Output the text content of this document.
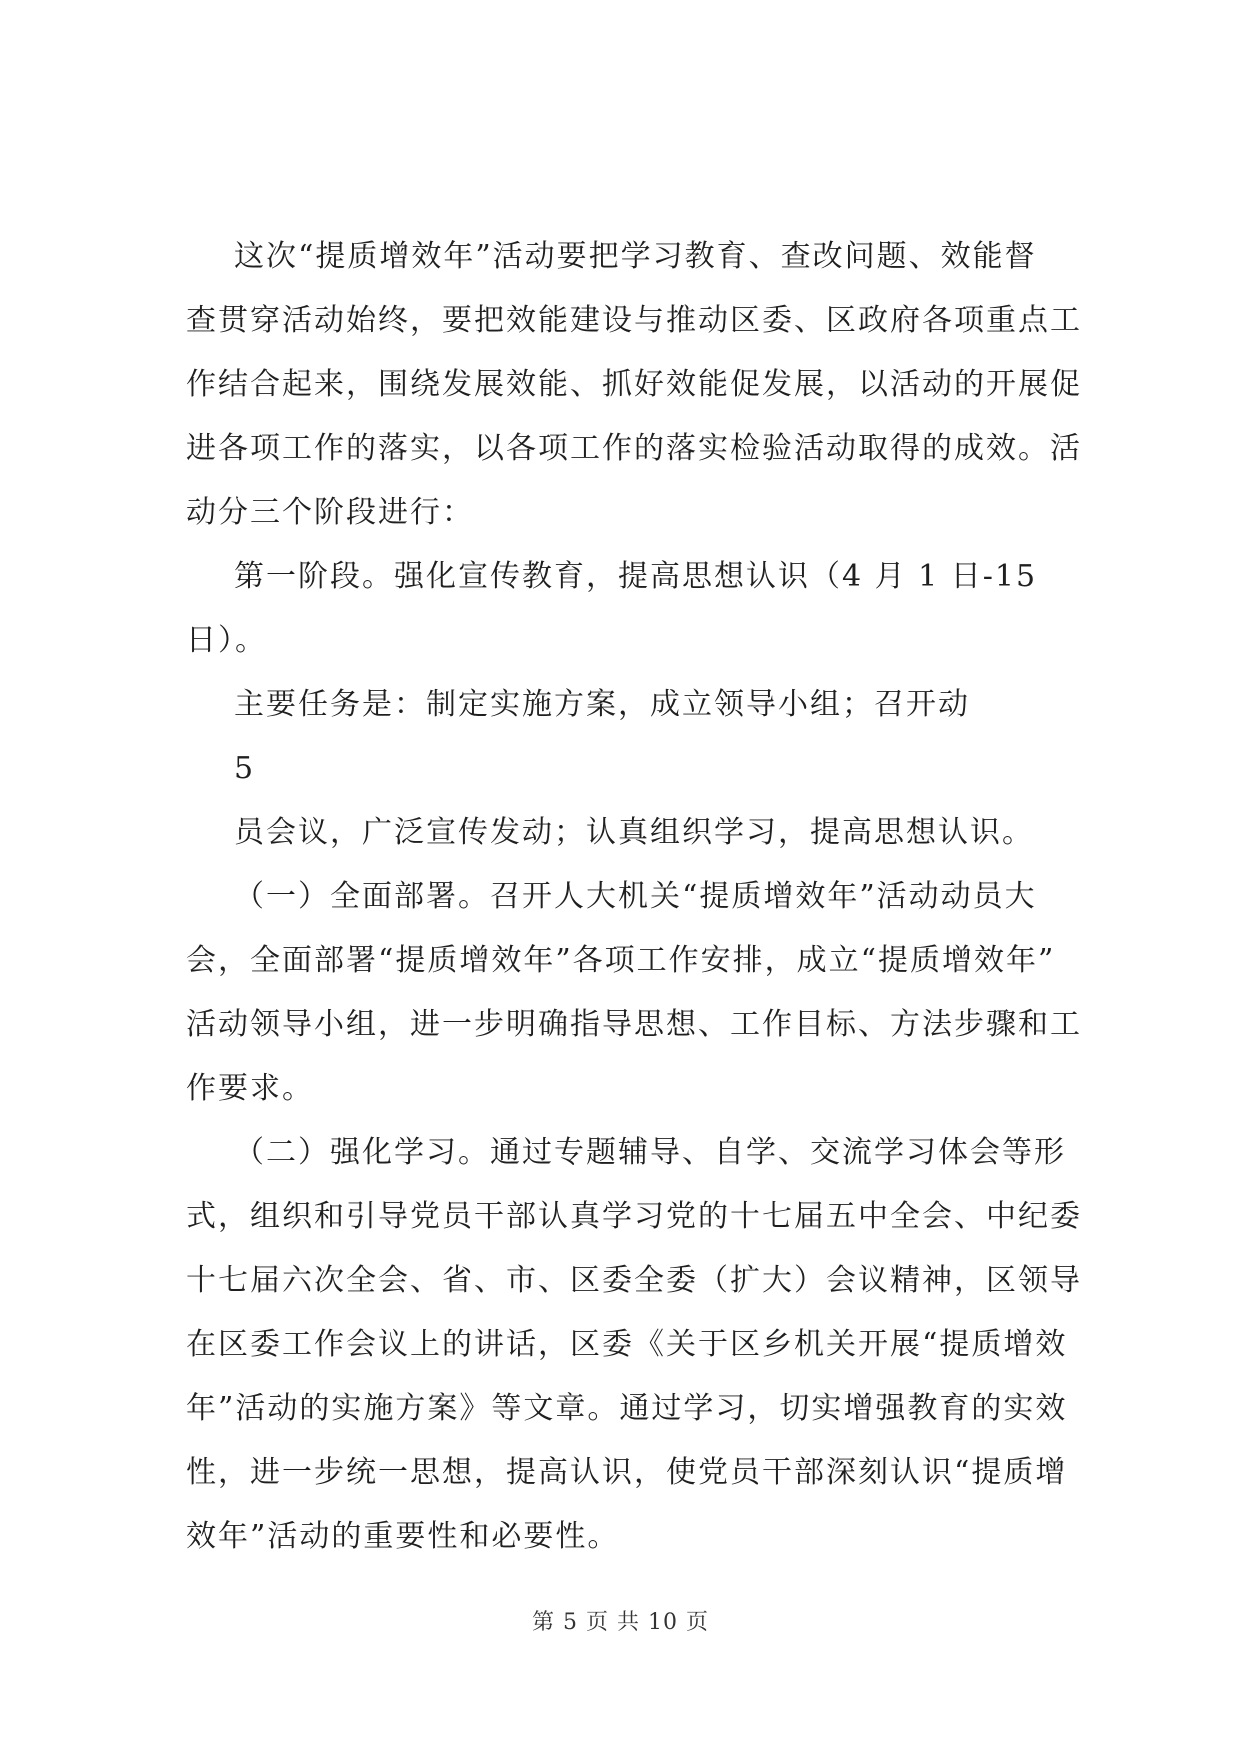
这次“提质增效年”活动要把学习教育、查改问题、效能督
查贯穿活动始终，要把效能建设与推动区委、区政府各项重点工
作结合起来，围绕发展效能、抓好效能促发展，以活动的开展促
进各项工作的落实，以各项工作的落实检验活动取得的成效。活
动分三个阶段进行：
第一阶段。强化宣传教育，提高思想认识（4 月 1 日-15
日）。
主要任务是：制定实施方案，成立领导小组；召开动
5
员会议，广泛宣传发动；认真组织学习，提高思想认识。
（一）全面部署。召开人大机关“提质增效年”活动动员大
会，全面部署“提质增效年”各项工作安排，成立“提质增效年”
活动领导小组，进一步明确指导思想、工作目标、方法步骤和工
作要求。
（二）强化学习。通过专题辅导、自学、交流学习体会等形
式，组织和引导党员干部认真学习党的十七届五中全会、中纪委
十七届六次全会、省、市、区委全委（扩大）会议精神，区领导
在区委工作会议上的讲话，区委《关于区乡机关开展“提质增效
年”活动的实施方案》等文章。通过学习，切实增强教育的实效
性，进一步统一思想，提高认识，使党员干部深刻认识“提质增
效年”活动的重要性和必要性。
第 5 页 共 10 页
